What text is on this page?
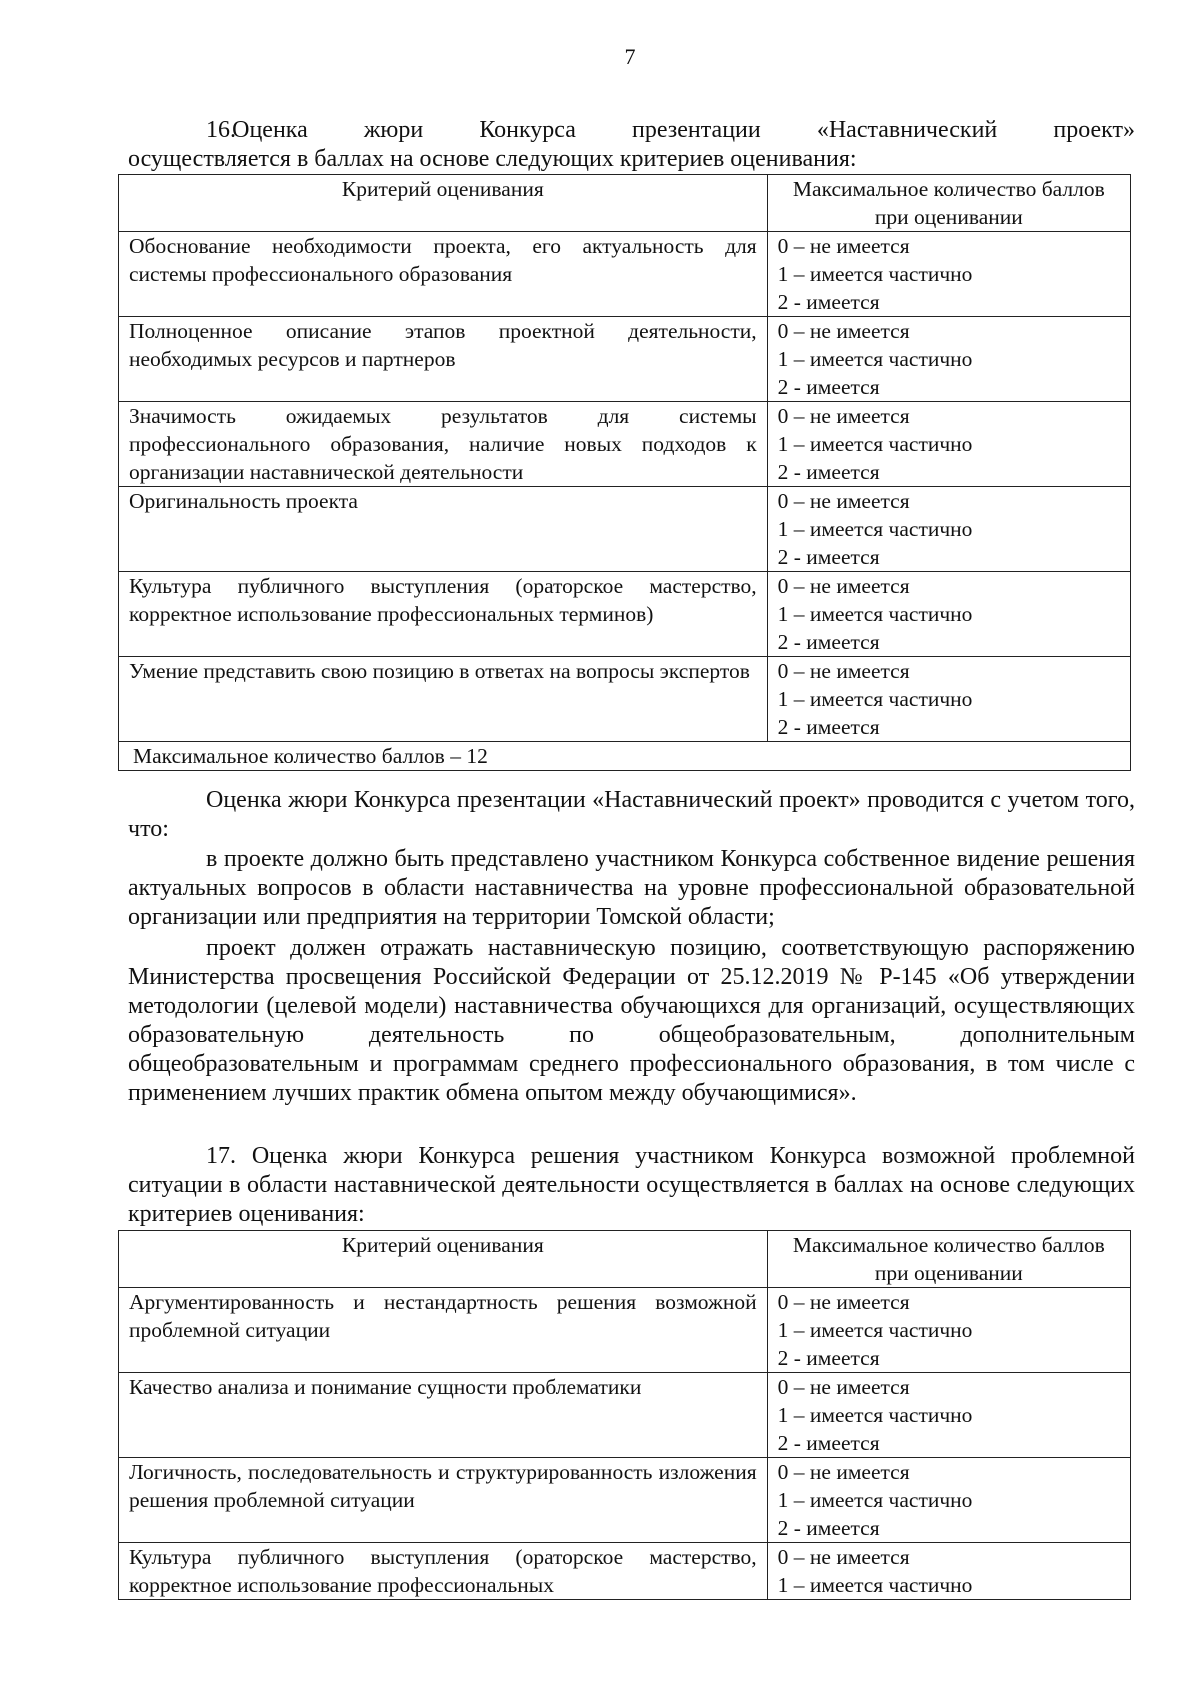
7
16.
Оценка жюри Конкурса презентации «Наставнический проект»
осуществляется в баллах на основе следующих критериев оценивания:
Критерий оценивания	Максимальное количество баллов при оценивании
Обоснование необходимости проекта, его актуальность для системы профессионального образования	0 – не имеется
1 – имеется частично
2 - имеется

Полноценное описание этапов проектной деятельности, необходимых ресурсов и партнеров	0 – не имеется
1 – имеется частично
2 - имеется

Значимость ожидаемых результатов для системы профессионального образования, наличие новых подходов к организации наставнической деятельности	0 – не имеется
1 – имеется частично
2 - имеется

Оригинальность проекта	0 – не имеется
1 – имеется частично
2 - имеется

Культура публичного выступления (ораторское мастерство, корректное использование профессиональных терминов)	0 – не имеется
1 – имеется частично
2 - имеется

Умение представить свою позицию в ответах на вопросы экспертов	0 – не имеется
1 – имеется частично
2 - имеется

Максимальное количество баллов – 12	
Оценка жюри Конкурса презентации «Наставнический проект» проводится с учетом того, что:
в проекте должно быть представлено участником Конкурса собственное видение решения актуальных вопросов в области наставничества на уровне профессиональной образовательной организации или предприятия на территории Томской области;
проект должен отражать наставническую позицию, соответствующую распоряжению Министерства просвещения Российской Федерации от 25.12.2019 № Р-145 «Об утверждении методологии (целевой модели) наставничества обучающихся для организаций, осуществляющих образовательную деятельность по общеобразовательным, дополнительным общеобразовательным и программам среднего профессионального образования, в том числе с применением лучших практик обмена опытом между обучающимися».
17. Оценка жюри Конкурса решения участником Конкурса возможной проблемной ситуации в области наставнической деятельности осуществляется в баллах на основе следующих критериев оценивания:
Критерий оценивания	Максимальное количество баллов при оценивании
Аргументированность и нестандартность решения возможной проблемной ситуации	0 – не имеется
1 – имеется частично
2 - имеется

Качество анализа и понимание сущности проблематики	0 – не имеется
1 – имеется частично
2 - имеется

Логичность, последовательность и структурированность изложения решения проблемной ситуации	0 – не имеется
1 – имеется частично
2 - имеется

Культура публичного выступления (ораторское мастерство, корректное использование профессиональных	0 – не имеется
1 – имеется частично
